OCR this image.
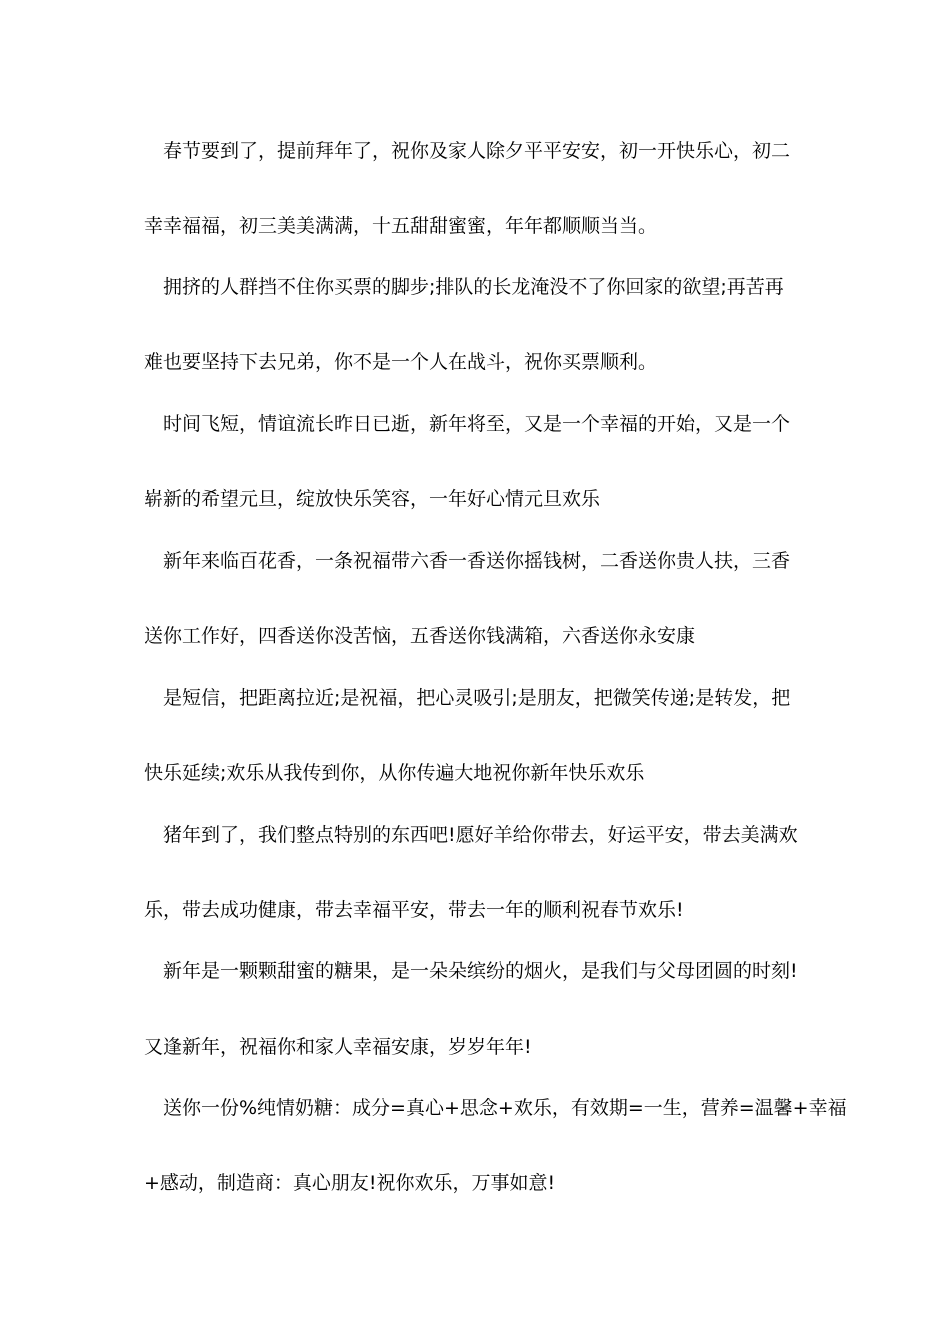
春节要到了，提前拜年了，祝你及家人除夕平平安安，初一开快乐心，初二
幸幸福福，初三美美满满，十五甜甜蜜蜜，年年都顺顺当当。
拥挤的人群挡不住你买票的脚步;排队的长龙淹没不了你回家的欲望;再苦再
难也要坚持下去兄弟，你不是一个人在战斗，祝你买票顺利。
时间飞短，情谊流长昨日已逝，新年将至，又是一个幸福的开始，又是一个
崭新的希望元旦，绽放快乐笑容，一年好心情元旦欢乐
新年来临百花香，一条祝福带六香一香送你摇钱树，二香送你贵人扶，三香
送你工作好，四香送你没苦恼，五香送你钱满箱，六香送你永安康
是短信，把距离拉近;是祝福，把心灵吸引;是朋友，把微笑传递;是转发，把
快乐延续;欢乐从我传到你，从你传遍大地祝你新年快乐欢乐
猪年到了，我们整点特别的东西吧!愿好羊给你带去，好运平安，带去美满欢
乐，带去成功健康，带去幸福平安，带去一年的顺利祝春节欢乐!
新年是一颗颗甜蜜的糖果，是一朵朵缤纷的烟火，是我们与父母团圆的时刻!
又逢新年，祝福你和家人幸福安康，岁岁年年!
送你一份%纯情奶糖：成分=真心+思念+欢乐，有效期=一生，营养=温馨+幸福
+感动，制造商：真心朋友!祝你欢乐，万事如意!
